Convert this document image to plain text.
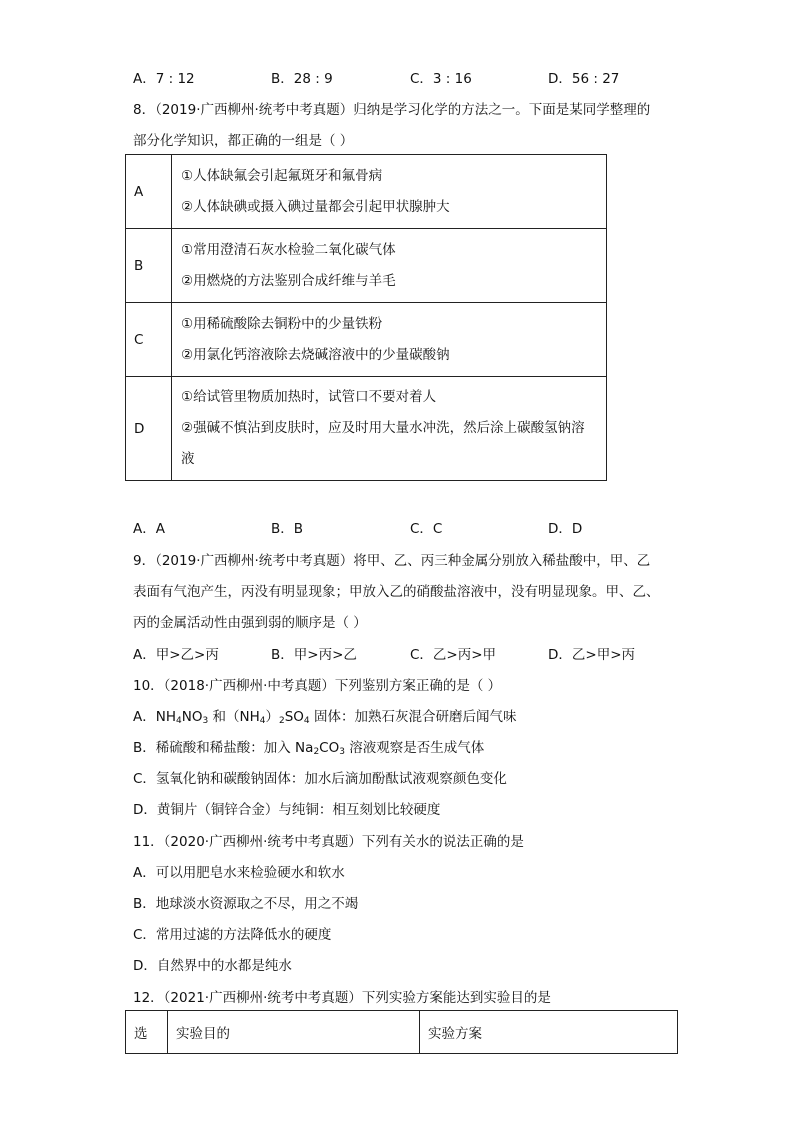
A．7 : 12	B．28 : 9	C．3 : 16	D．56 : 27
8．（2019·广西柳州·统考中考真题）归纳是学习化学的方法之一。下面是某同学整理的
部分化学知识，都正确的一组是（ ）
A	①人体缺氟会引起氟斑牙和氟骨病
②人体缺碘或摄入碘过量都会引起甲状腺肿大

B	①常用澄清石灰水检验二氧化碳气体
②用燃烧的方法鉴别合成纤维与羊毛

C	①用稀硫酸除去铜粉中的少量铁粉
②用氯化钙溶液除去烧碱溶液中的少量碳酸钠

D	①给试管里物质加热时，试管口不要对着人
②强碱不慎沾到皮肤时，应及时用大量水冲洗，然后涂上碳酸氢钠溶
液
A．A	B．B	C．C	D．D
9．（2019·广西柳州·统考中考真题）将甲、乙、丙三种金属分别放入稀盐酸中，甲、乙
表面有气泡产生，丙没有明显现象；甲放入乙的硝酸盐溶液中，没有明显现象。甲、乙、
丙的金属活动性由强到弱的顺序是（ ）
A．甲>乙>丙	B．甲>丙>乙	C．乙>丙>甲	D．乙>甲>丙
10．（2018·广西柳州·中考真题）下列鉴别方案正确的是（ ）
A．$NH_4NO_3$ 和$(NH_4)_2SO_4$ 固体：加熟石灰混合研磨后闻气味
B．稀硫酸和稀盐酸：加入 $Na_2CO_3$ 溶液观察是否生成气体
C．氢氧化钠和碳酸钠固体：加水后滴加酚酞试液观察颜色变化
D．黄铜片（铜锌合金）与纯铜：相互刻划比较硬度
11．（2020·广西柳州·统考中考真题）下列有关水的说法正确的是
A．可以用肥皂水来检验硬水和软水
B．地球淡水资源取之不尽，用之不竭
C．常用过滤的方法降低水的硬度
D．自然界中的水都是纯水
12．（2021·广西柳州·统考中考真题）下列实验方案能达到实验目的是
选	实验目的	实验方案
